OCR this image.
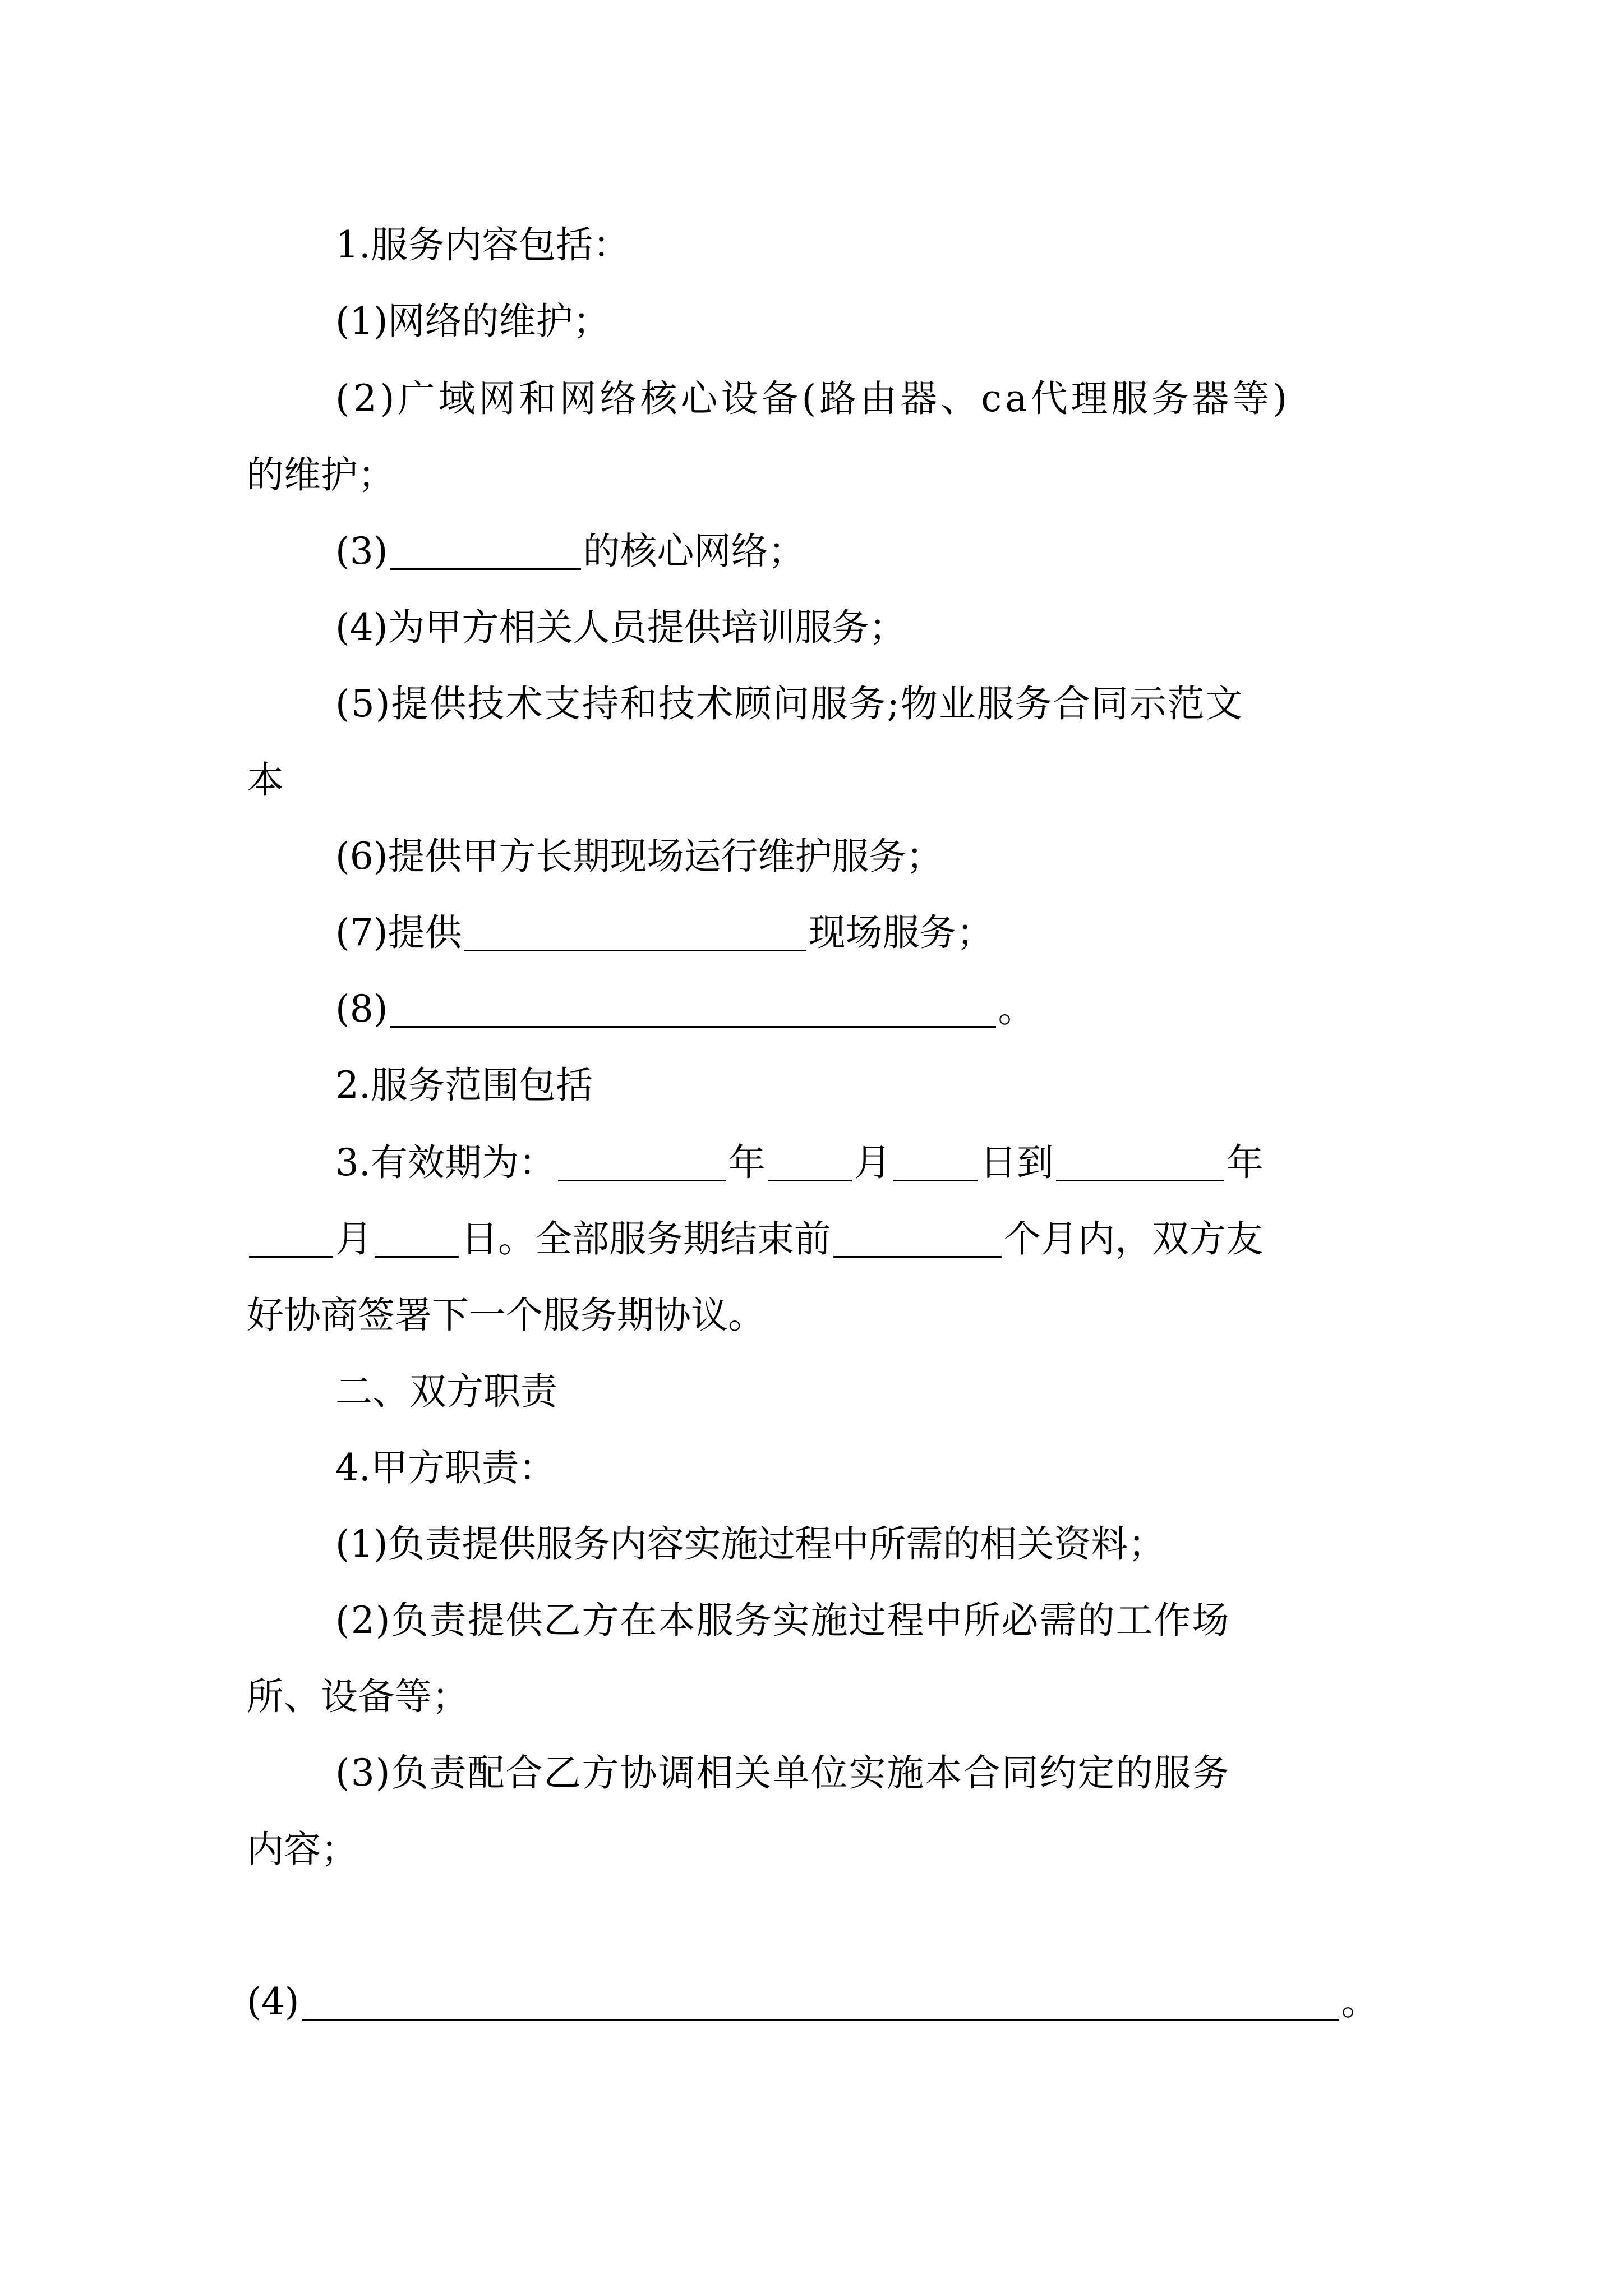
1.服务内容包括：
(1)网络的维护；
(2)广域网和网络核心设备(路由器、ca代理服务器等)
的维护；
(3)	的核心网络；
(4)为甲方相关人员提供培训服务；
(5)提供技术支持和技术顾问服务;物业服务合同示范文
本
(6)提供甲方长期现场运行维护服务；
(7)提供	现场服务；
(8)	。
2.服务范围包括
3.有效期为：	年 月 日到	年
月 日。全部服务期结束前	个月内，双方友
好协商签署下一个服务期协议。
二、双方职责
4.甲方职责：
(1)负责提供服务内容实施过程中所需的相关资料；
(2)负责提供乙方在本服务实施过程中所必需的工作场
所、设备等；
(3)负责配合乙方协调相关单位实施本合同约定的服务
内容；
(4)	。
